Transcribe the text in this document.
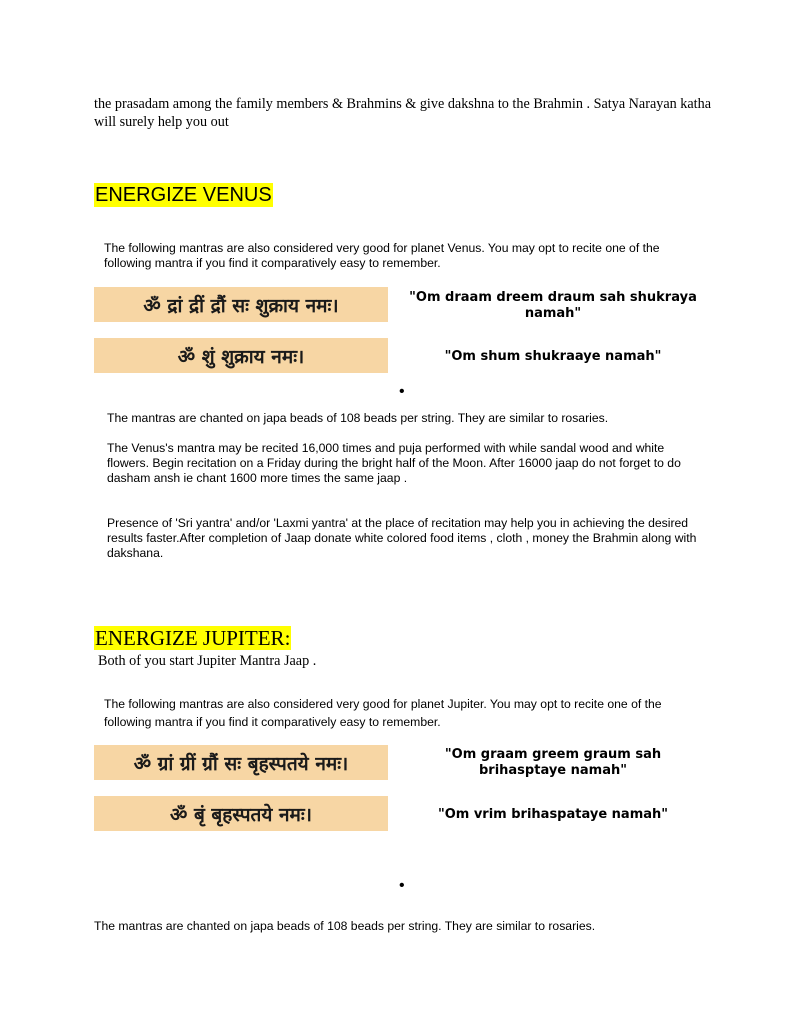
the prasadam among the family members & Brahmins & give dakshna to the Brahmin . Satya Narayan katha will surely help you out
ENERGIZE VENUS
The following mantras are also considered very good for planet Venus. You may opt to recite one of the following mantra if you find it comparatively easy to remember.
ॐ द्रां द्रीं द्रौं सः शुक्राय नमः।	"Om draam dreem draum sah shukraya namah"
ॐ शुं शुक्राय नमः।	"Om shum shukraaye namah"
•
The mantras are chanted on japa beads of 108 beads per string. They are similar to rosaries.
The Venus's mantra may be recited 16,000 times and puja performed with while sandal wood and white flowers. Begin recitation on a Friday during the bright half of the Moon. After 16000 jaap do not forget to do dasham ansh ie chant 1600 more times the same jaap .
Presence of 'Sri yantra' and/or 'Laxmi yantra' at the place of recitation may help you in achieving the desired results faster.After completion of Jaap donate white colored food items , cloth , money the Brahmin along with dakshana.
ENERGIZE JUPITER:
Both of you start Jupiter Mantra Jaap .
The following mantras are also considered very good for planet Jupiter. You may opt to recite one of the following mantra if you find it comparatively easy to remember.
ॐ ग्रां ग्रीं ग्रौं सः बृहस्पतये नमः।	"Om graam greem graum sah brihasptaye namah"
ॐ बृं बृहस्पतये नमः।	"Om vrim brihaspataye namah"
•
The mantras are chanted on japa beads of 108 beads per string. They are similar to rosaries.
